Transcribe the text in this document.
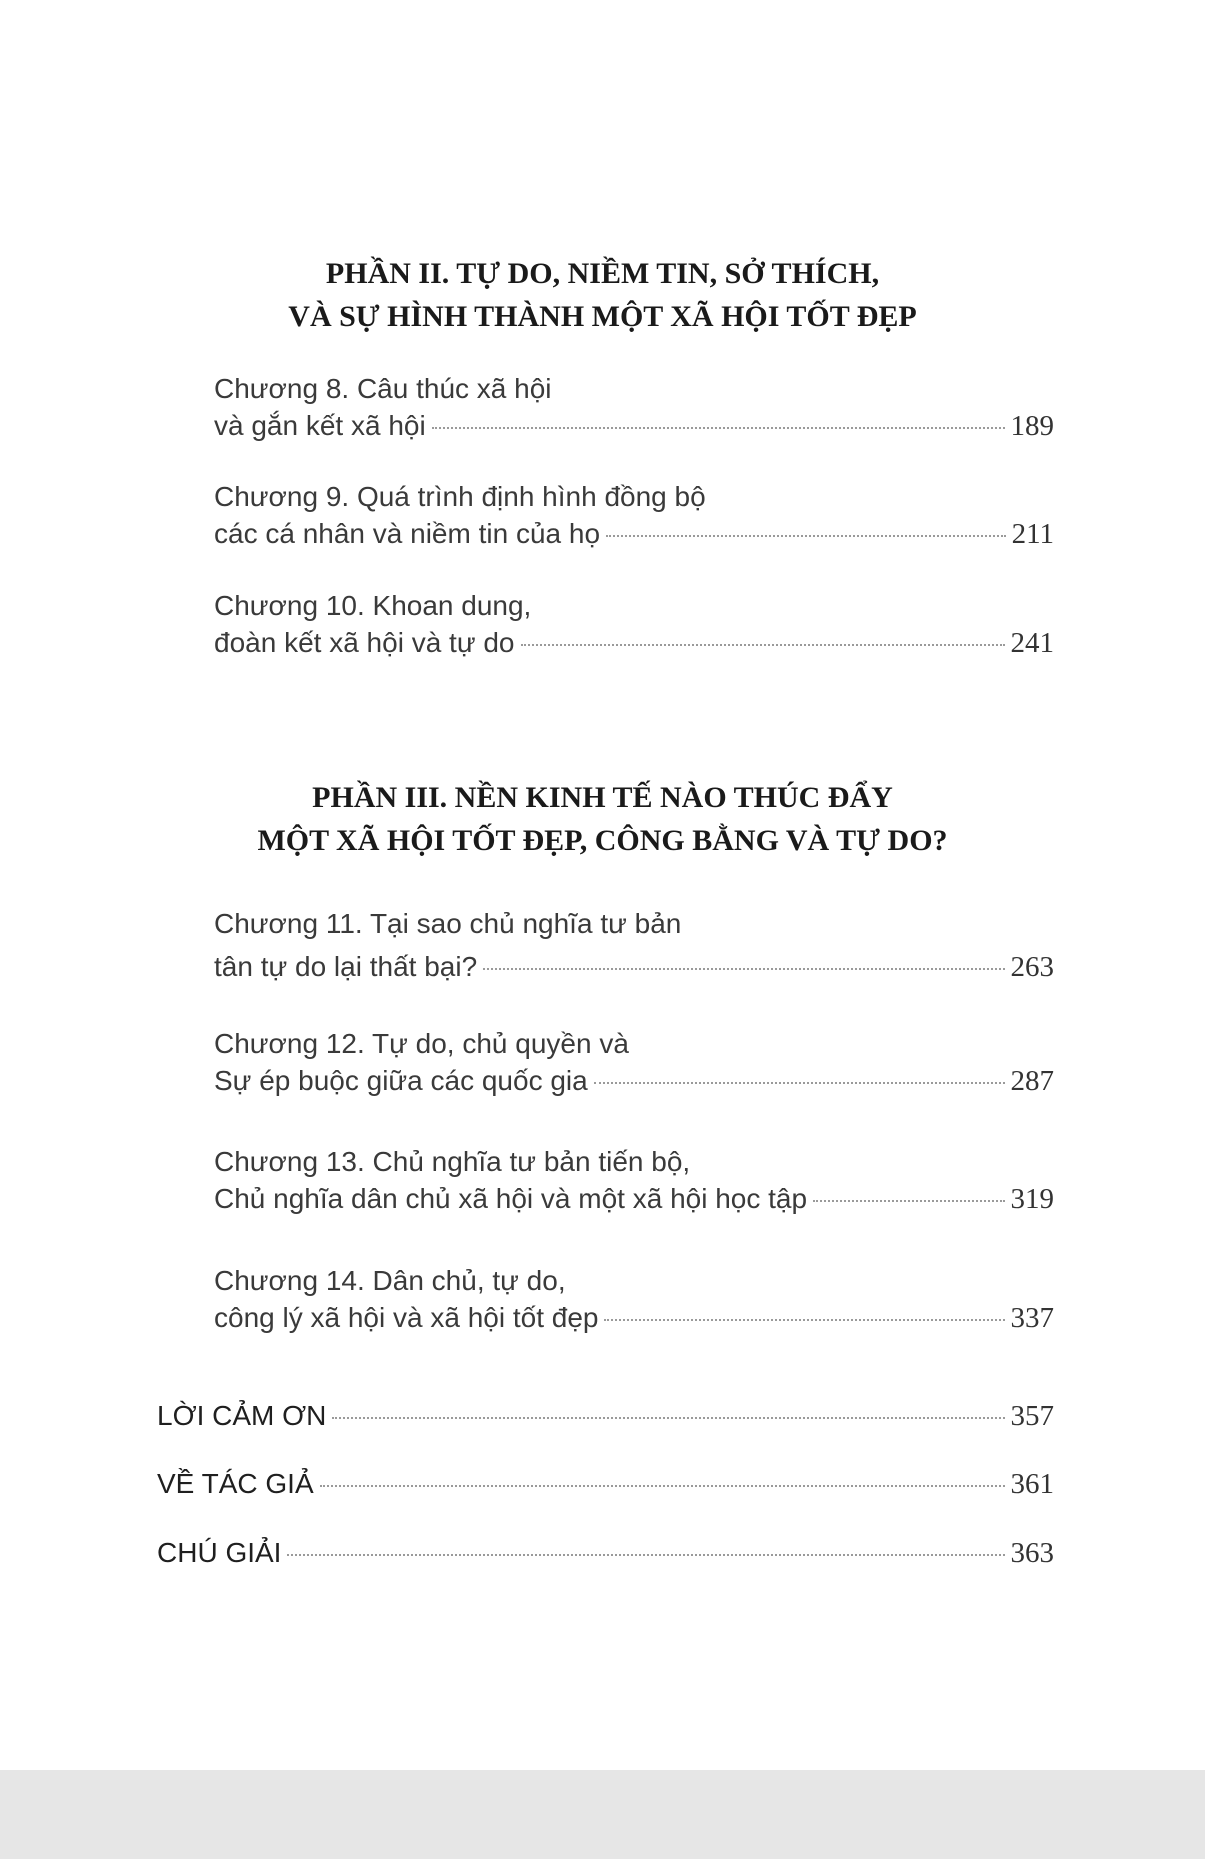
PHẦN II. TỰ DO, NIỀM TIN, SỞ THÍCH,
VÀ SỰ HÌNH THÀNH MỘT XÃ HỘI TỐT ĐẸP
Chương 8. Câu thúc xã hội
và gắn kết xã hội	189
Chương 9. Quá trình định hình đồng bộ
các cá nhân và niềm tin của họ	211
Chương 10. Khoan dung,
đoàn kết xã hội và tự do	241
PHẦN III. NỀN KINH TẾ NÀO THÚC ĐẨY
MỘT XÃ HỘI TỐT ĐẸP, CÔNG BẰNG VÀ TỰ DO?
Chương 11. Tại sao chủ nghĩa tư bản
tân tự do lại thất bại?	263
Chương 12. Tự do, chủ quyền và
Sự ép buộc giữa các quốc gia	287
Chương 13. Chủ nghĩa tư bản tiến bộ,
Chủ nghĩa dân chủ xã hội và một xã hội học tập	319
Chương 14. Dân chủ, tự do,
công lý xã hội và xã hội tốt đẹp	337
LỜI CẢM ƠN	357
VỀ TÁC GIẢ	361
CHÚ GIẢI	363
